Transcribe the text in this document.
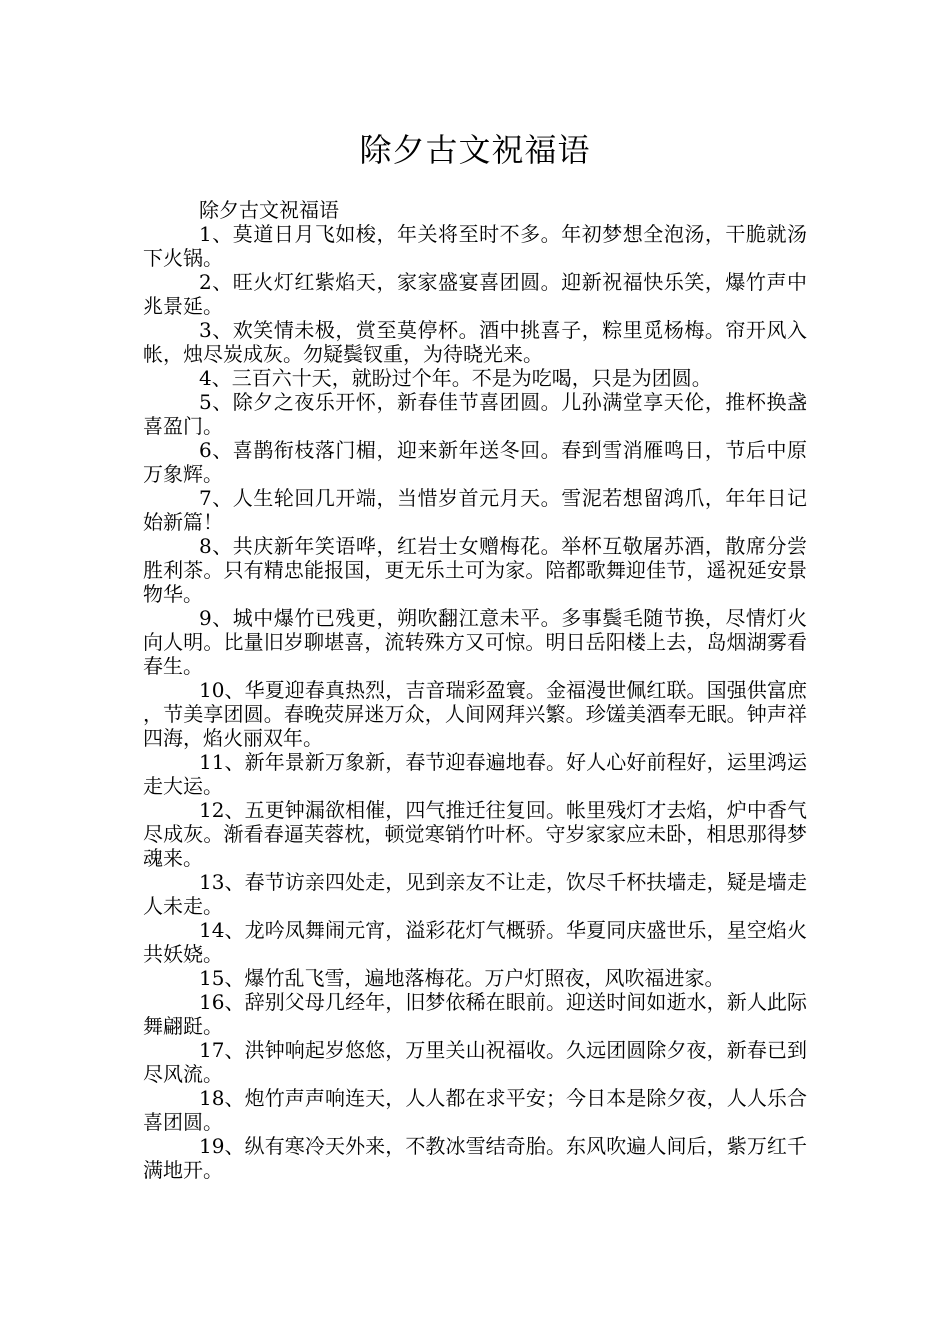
除夕古文祝福语

除夕古文祝福语

1、莫道日月飞如梭，年关将至时不多。年初梦想全泡汤，干脆就汤下火锅。

2、旺火灯红紫焰天，家家盛宴喜团圆。迎新祝福快乐笑，爆竹声中兆景延。

3、欢笑情未极，赏至莫停杯。酒中挑喜子，粽里觅杨梅。帘开风入帐，烛尽炭成灰。勿疑鬓钗重，为待晓光来。

4、三百六十天，就盼过个年。不是为吃喝，只是为团圆。

5、除夕之夜乐开怀，新春佳节喜团圆。儿孙满堂享天伦，推杯换盏喜盈门。

6、喜鹊衔枝落门楣，迎来新年送冬回。春到雪消雁鸣日，节后中原万象辉。

7、人生轮回几开端，当惜岁首元月天。雪泥若想留鸿爪，年年日记始新篇！

8、共庆新年笑语哗，红岩士女赠梅花。举杯互敬屠苏酒，散席分尝胜利茶。只有精忠能报国，更无乐土可为家。陪都歌舞迎佳节，遥祝延安景物华。

9、城中爆竹已残更，朔吹翻江意未平。多事鬓毛随节换，尽情灯火向人明。比量旧岁聊堪喜，流转殊方又可惊。明日岳阳楼上去，岛烟湖雾看春生。

10、华夏迎春真热烈，吉音瑞彩盈寰。金福漫世佩红联。国强供富庶，节美享团圆。春晚荧屏迷万众，人间网拜兴繁。珍馐美酒奉无眠。钟声祥四海，焰火丽双年。

11、新年景新万象新，春节迎春遍地春。好人心好前程好，运里鸿运走大运。

12、五更钟漏欲相催，四气推迁往复回。帐里残灯才去焰，炉中香气尽成灰。渐看春逼芙蓉枕，顿觉寒销竹叶杯。守岁家家应未卧，相思那得梦魂来。

13、春节访亲四处走，见到亲友不让走，饮尽千杯扶墙走，疑是墙走人未走。

14、龙吟凤舞闹元宵，溢彩花灯气概骄。华夏同庆盛世乐，星空焰火共妖娆。

15、爆竹乱飞雪，遍地落梅花。万户灯照夜，风吹福进家。

16、辞别父母几经年，旧梦依稀在眼前。迎送时间如逝水，新人此际舞翩跹。

17、洪钟响起岁悠悠，万里关山祝福收。久远团圆除夕夜，新春已到尽风流。

18、炮竹声声响连天，人人都在求平安；今日本是除夕夜，人人乐合喜团圆。

19、纵有寒冷天外来，不教冰雪结奇胎。东风吹遍人间后，紫万红千满地开。
